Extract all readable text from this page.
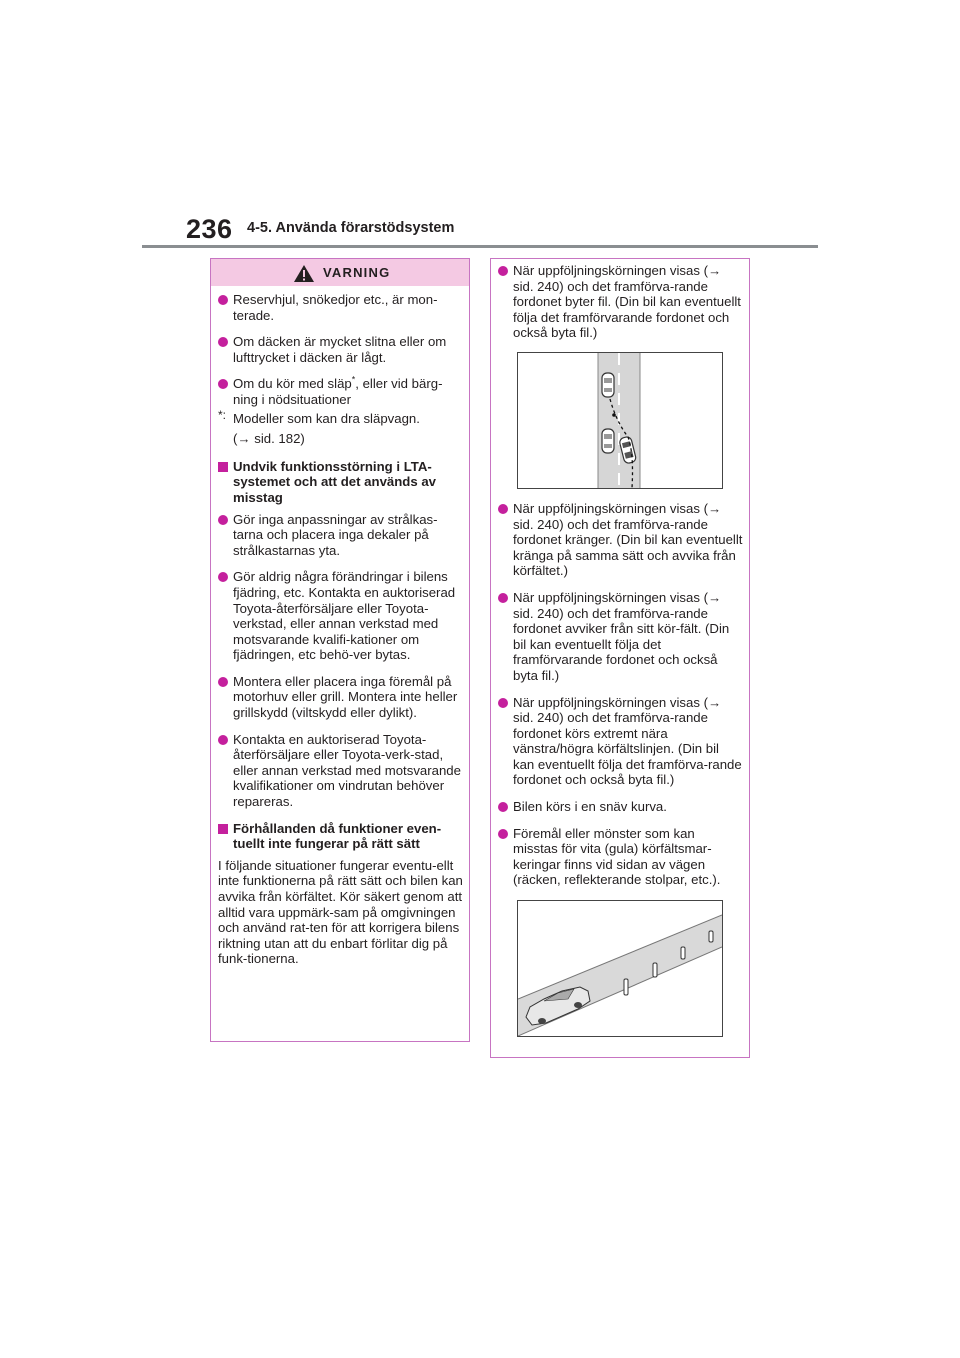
236 4-5. Använda förarstödsystem
VARNING
Reservhjul, snökedjor etc., är mon-terade.
Om däcken är mycket slitna eller om lufttrycket i däcken är lågt.
Om du kör med släp*, eller vid bärg-ning i nödsituationer
*: Modeller som kan dra släpvagn.
(→ sid. 182)
Undvik funktionsstörning i LTA-systemet och att det används av misstag
Gör inga anpassningar av strålkas-tarna och placera inga dekaler på strålkastarnas yta.
Gör aldrig några förändringar i bilens fjädring, etc. Kontakta en auktoriserad Toyota-återförsäljare eller Toyota-verkstad, eller annan verkstad med motsvarande kvalifi-kationer om fjädringen, etc behö-ver bytas.
Montera eller placera inga föremål på motorhuv eller grill. Montera inte heller grillskydd (viltskydd eller dylikt).
Kontakta en auktoriserad Toyota-återförsäljare eller Toyota-verk-stad, eller annan verkstad med motsvarande kvalifikationer om vindrutan behöver repareras.
Förhållanden då funktioner even-tuellt inte fungerar på rätt sätt
I följande situationer fungerar eventu-ellt inte funktionerna på rätt sätt och bilen kan avvika från körfältet. Kör säkert genom att alltid vara uppmärk-sam på omgivningen och använd rat-ten för att korrigera bilens riktning utan att du enbart förlitar dig på funk-tionerna.
När uppföljningskörningen visas (→ sid. 240) och det framförva-rande fordonet byter fil. (Din bil kan eventuellt följa det framförvarande fordonet och också byta fil.)
När uppföljningskörningen visas (→ sid. 240) och det framförva-rande fordonet kränger. (Din bil kan eventuellt kränga på samma sätt och avvika från körfältet.)
När uppföljningskörningen visas (→ sid. 240) och det framförva-rande fordonet avviker från sitt kör-fält. (Din bil kan eventuellt följa det framförvarande fordonet och också byta fil.)
När uppföljningskörningen visas (→ sid. 240) och det framförva-rande fordonet körs extremt nära vänstra/högra körfältslinjen. (Din bil kan eventuellt följa det framförva-rande fordonet och också byta fil.)
Bilen körs i en snäv kurva.
Föremål eller mönster som kan misstas för vita (gula) körfältsmar-keringar finns vid sidan av vägen (räcken, reflekterande stolpar, etc.).
